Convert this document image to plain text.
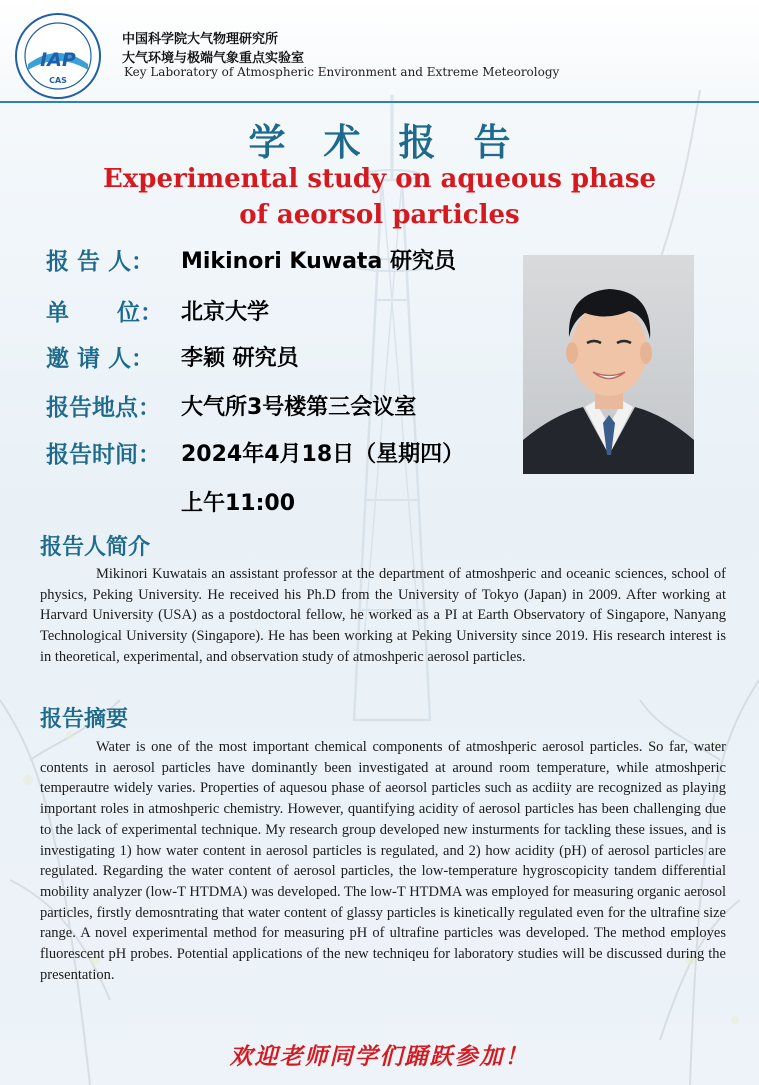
IAP
CAS
中国科学院大气物理研究所
大气环境与极端气象重点实验室
Key Laboratory of Atmospheric Environment and Extreme Meteorology
学术报告
Experimental study on aqueous phase
of aeorsol particles
报 告 人： Mikinori Kuwata 研究员
单      位： 北京大学
邀 请 人： 李颖 研究员
报告地点： 大气所3号楼第三会议室
报告时间： 2024年4月18日（星期四）
上午11:00
报告人简介
Mikinori Kuwatais an assistant professor at the department of atmoshperic and oceanic sciences, school of physics, Peking University. He received his Ph.D from the University of Tokyo (Japan) in 2009. After working at Harvard University (USA) as a postdoctoral fellow, he worked as a PI at Earth Observatory of Singapore, Nanyang Technological University (Singapore). He has been working at Peking University since 2019. His research interest is in theoretical, experimental, and observation study of atmoshperic aerosol particles.
报告摘要
Water is one of the most important chemical components of atmoshperic aerosol particles. So far, water contents in aerosol particles have dominantly been investigated at around room temperature, while atmoshperic temperautre widely varies. Properties of aquesou phase of aeorsol particles such as acdiity are recognized as playing important roles in atmoshperic chemistry. However, quantifying acidity of aerosol particles has been challenging due to the lack of experimental technique. My research group developed new insturments for tackling these issues, and is investigating 1) how water content in aerosol particles is regulated, and 2) how acidity (pH) of aerosol particles are regulated. Regarding the water content of aerosol particles, the low-temperature hygroscopicity tandem differential mobility analyzer (low-T HTDMA) was developed. The low-T HTDMA was employed for measuring organic aerosol particles, firstly demosntrating that water content of glassy particles is kinetically regulated even for the ultrafine size range. A novel experimental method for measuring pH of ultrafine particles was developed. The method employes fluorescent pH probes. Potential applications of the new techniqeu for laboratory studies will be discussed during the presentation.
欢迎老师同学们踊跃参加！
